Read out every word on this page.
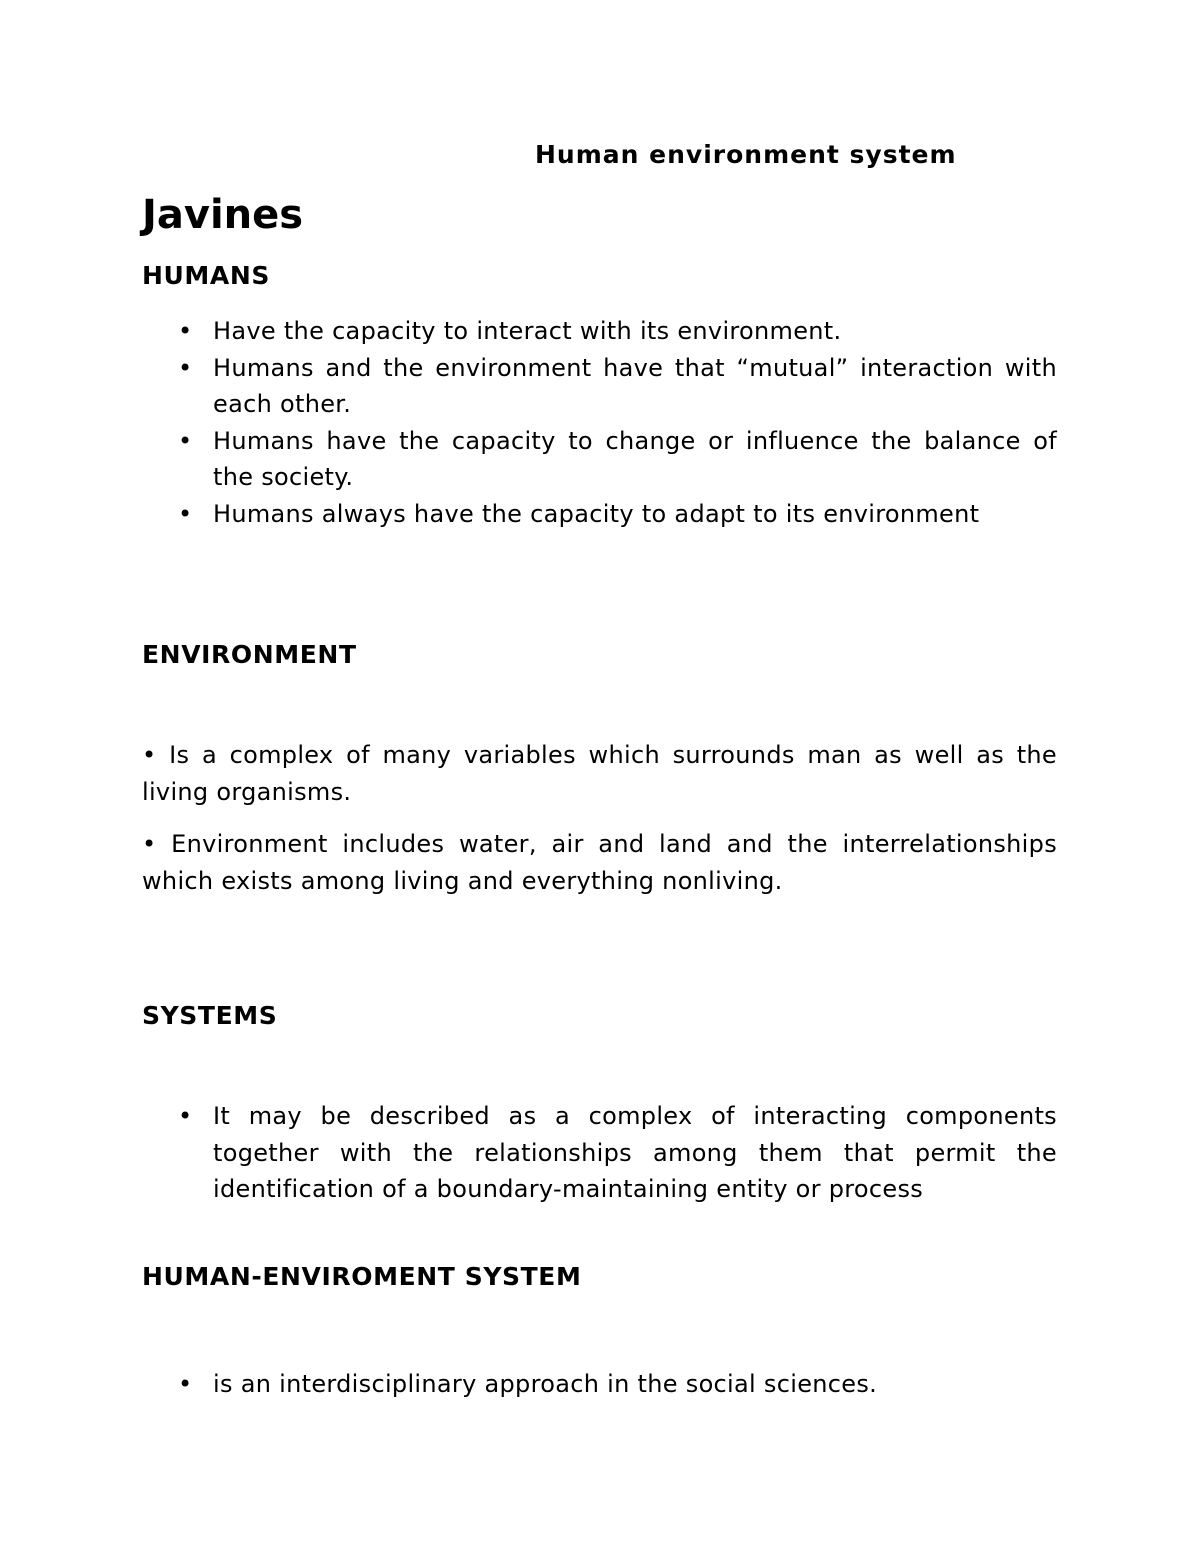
Human environment system
Javines
HUMANS
• Have the capacity to interact with its environment.
• Humans and the environment have that “mutual” interaction with each other.
• Humans have the capacity to change or influence the balance of the society.
• Humans always have the capacity to adapt to its environment
ENVIRONMENT

• Is a complex of many variables which surrounds man as well as the living organisms.

• Environment includes water, air and land and the interrelationships which exists among living and everything nonliving.

SYSTEMS
• It may be described as a complex of interacting components together with the relationships among them that permit the identification of a boundary-maintaining entity or process
HUMAN-ENVIROMENT SYSTEM
• is an interdisciplinary approach in the social sciences.
